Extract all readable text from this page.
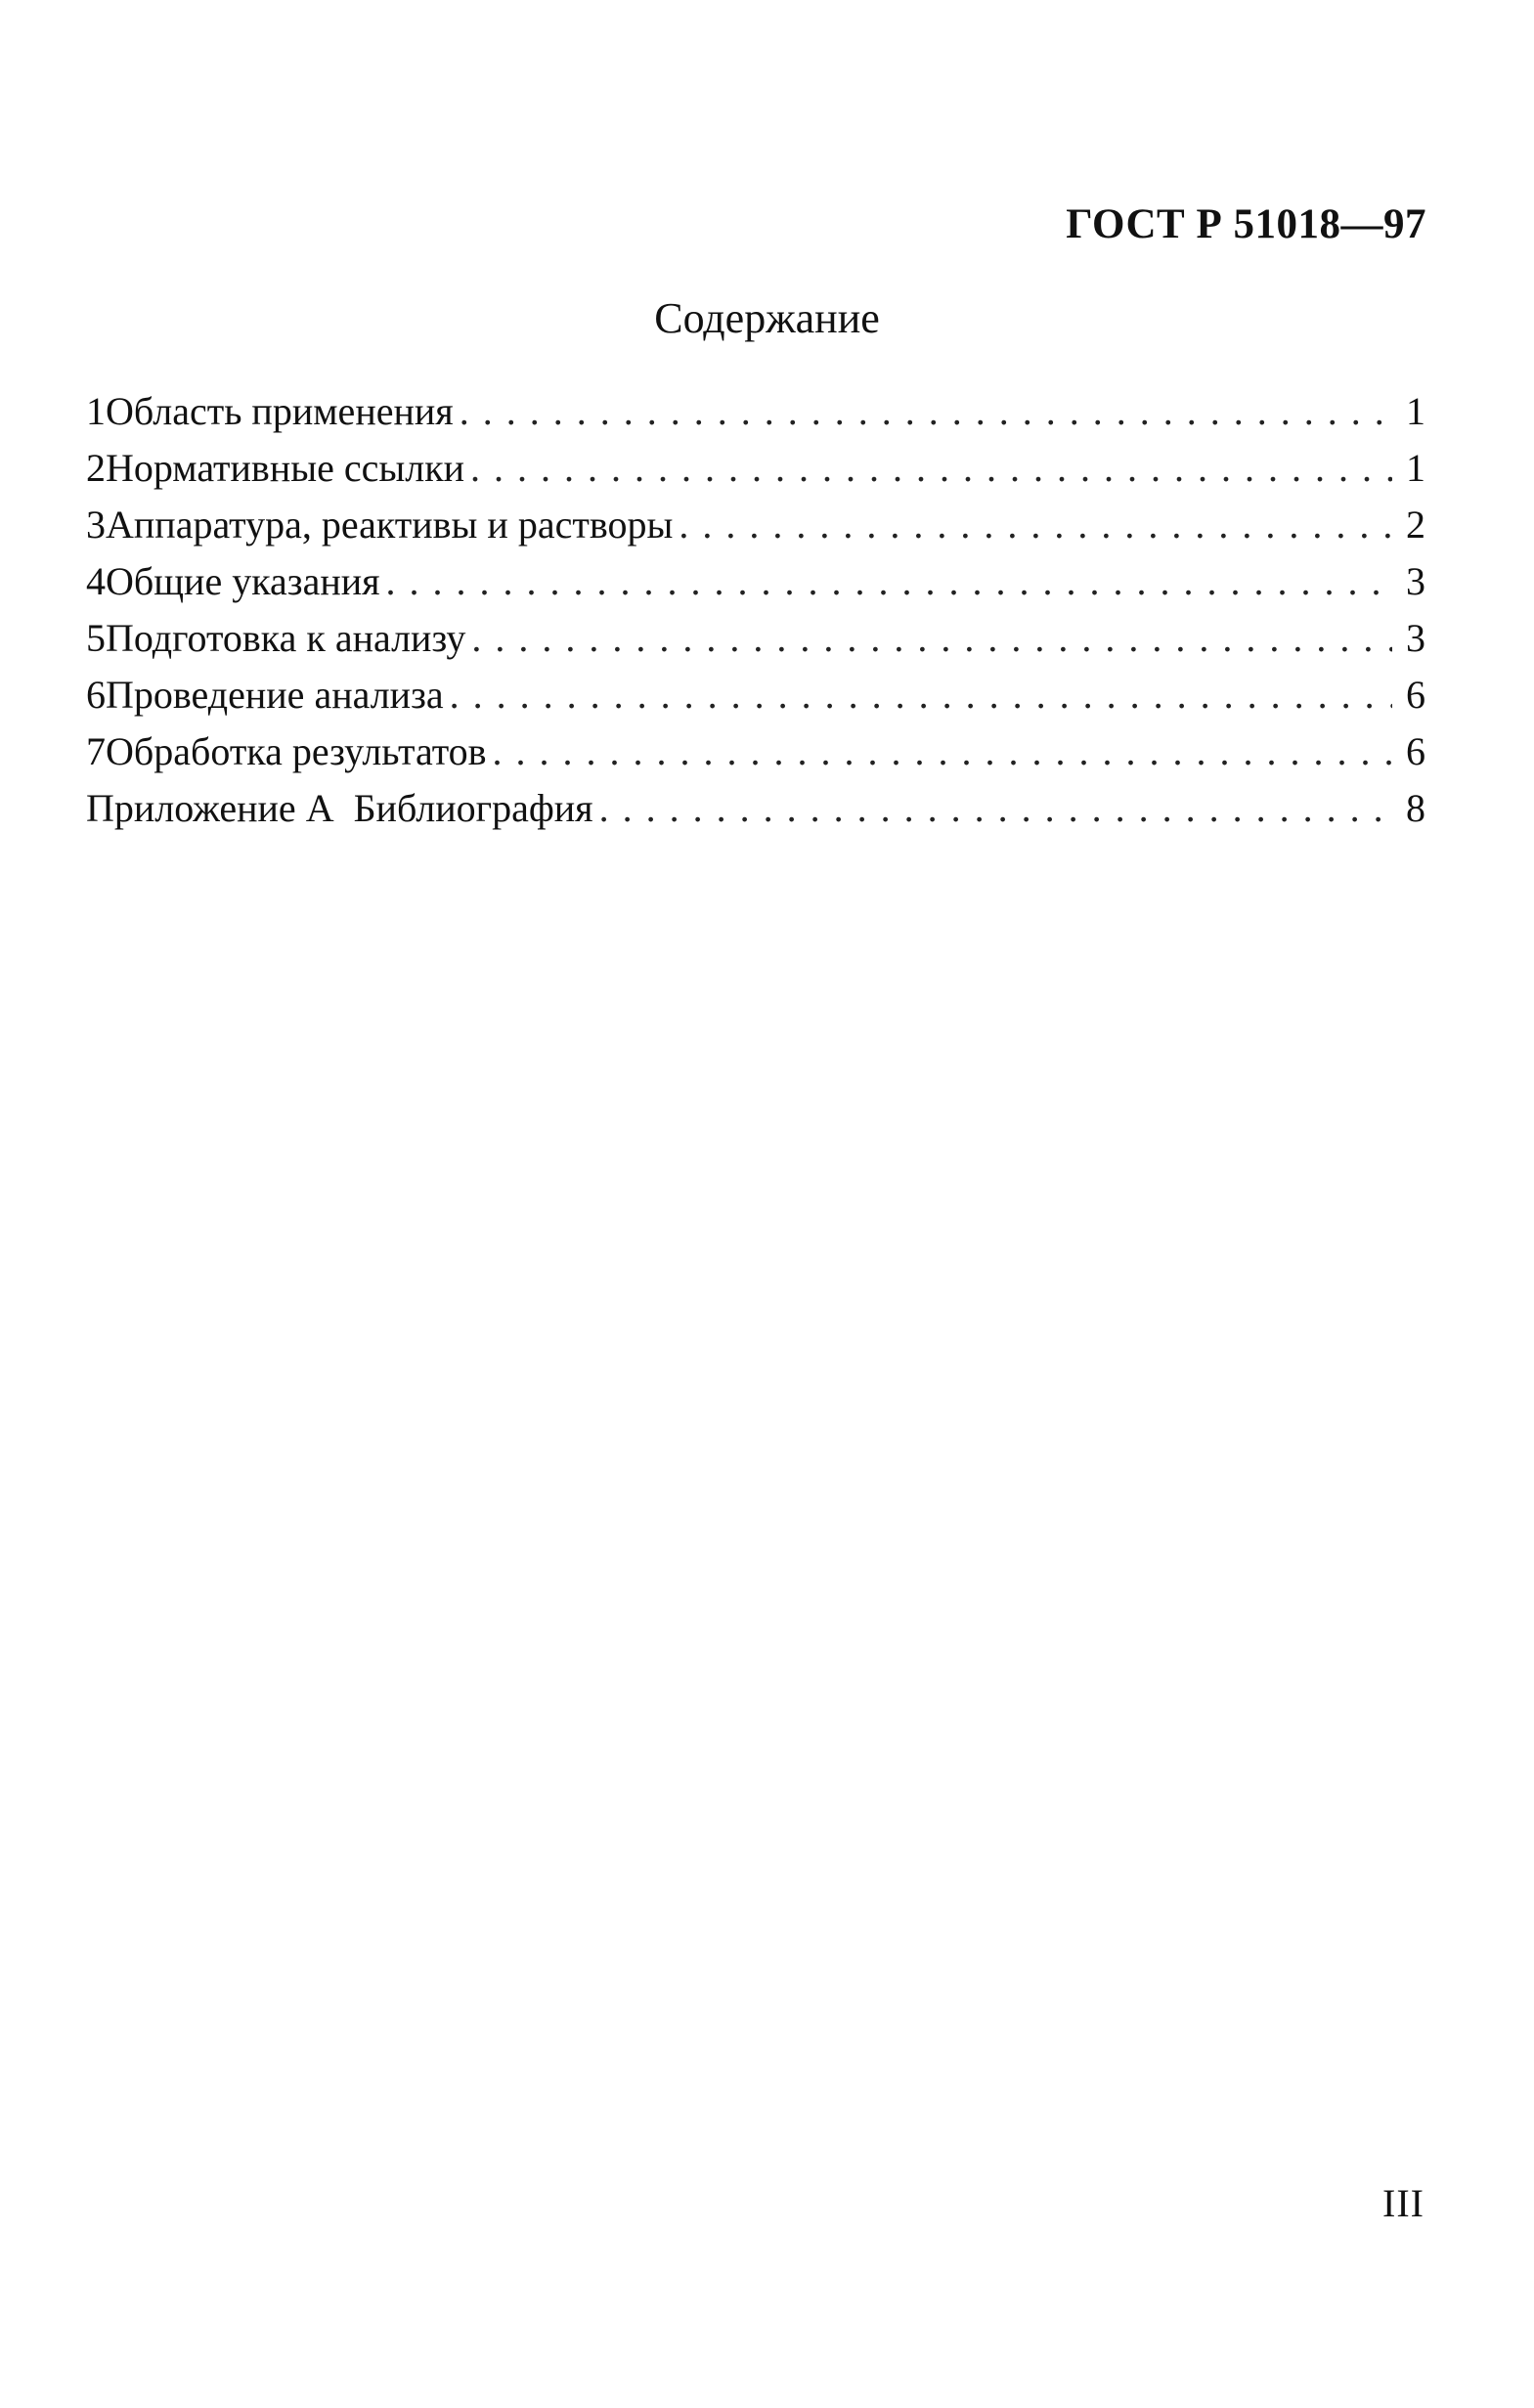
ГОСТ Р 51018—97
Содержание
1 Область применения . . .	1
2 Нормативные ссылки . . .	1
3 Аппаратура, реактивы и растворы . . .	2
4 Общие указания . . .	3
5 Подготовка к анализу . . .	3
6 Проведение анализа . . .	6
7 Обработка результатов . . .	6
Приложение А  Библиография . . .	8
III
